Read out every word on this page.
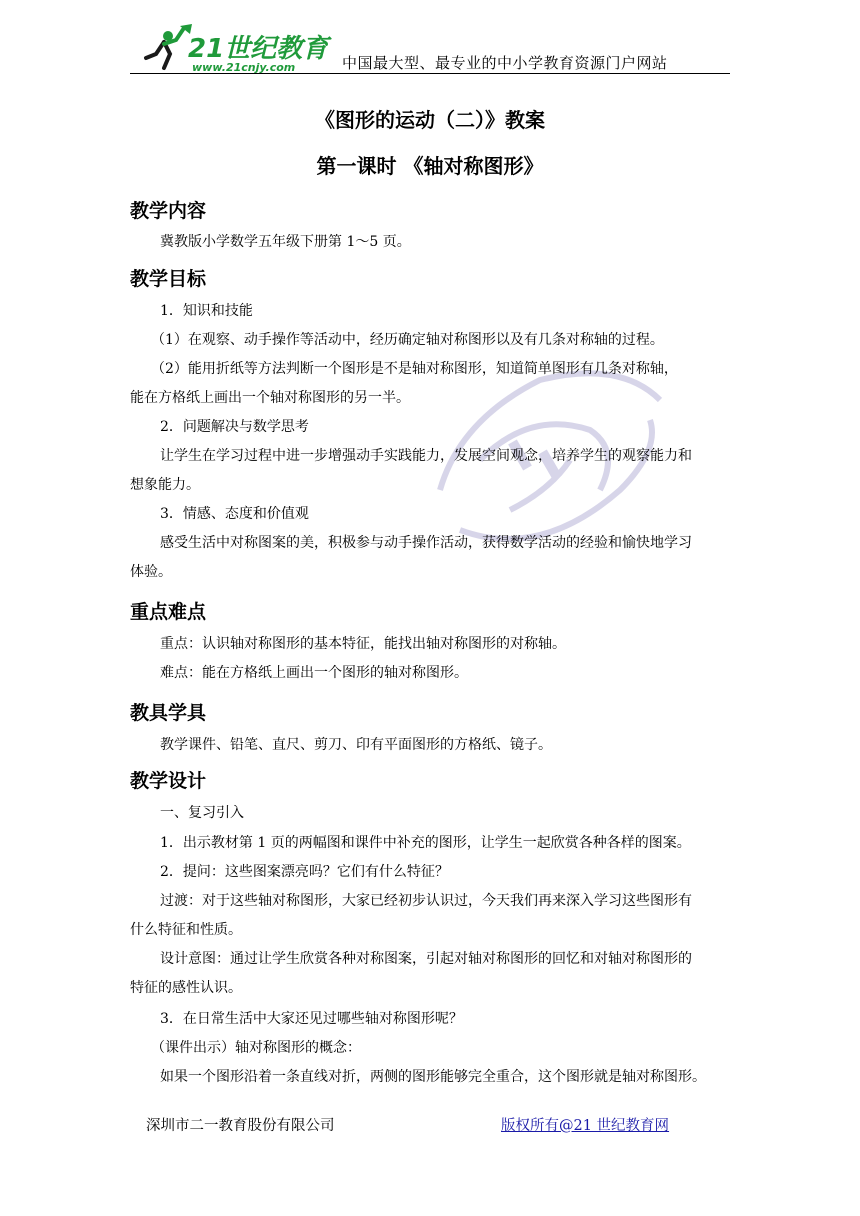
21世纪教育
www.21cnjy.com	中国最大型、最专业的中小学教育资源门户网站
《图形的运动（二）》教案
第一课时 《轴对称图形》
教学内容
冀教版小学数学五年级下册第 1～5 页。
教学目标
1．知识和技能
（1）在观察、动手操作等活动中，经历确定轴对称图形以及有几条对称轴的过程。
（2）能用折纸等方法判断一个图形是不是轴对称图形，知道简单图形有几条对称轴，
能在方格纸上画出一个轴对称图形的另一半。
2．问题解决与数学思考
让学生在学习过程中进一步增强动手实践能力，发展空间观念，培养学生的观察能力和
想象能力。
3．情感、态度和价值观
感受生活中对称图案的美，积极参与动手操作活动，获得数学活动的经验和愉快地学习
体验。
重点难点
重点：认识轴对称图形的基本特征，能找出轴对称图形的对称轴。
难点：能在方格纸上画出一个图形的轴对称图形。
教具学具
教学课件、铅笔、直尺、剪刀、印有平面图形的方格纸、镜子。
教学设计
一、复习引入
1．出示教材第 1 页的两幅图和课件中补充的图形，让学生一起欣赏各种各样的图案。
2．提问：这些图案漂亮吗？它们有什么特征？
过渡：对于这些轴对称图形，大家已经初步认识过，今天我们再来深入学习这些图形有
什么特征和性质。
设计意图：通过让学生欣赏各种对称图案，引起对轴对称图形的回忆和对轴对称图形的
特征的感性认识。
3．在日常生活中大家还见过哪些轴对称图形呢？
（课件出示）轴对称图形的概念：
如果一个图形沿着一条直线对折，两侧的图形能够完全重合，这个图形就是轴对称图形。
深圳市二一教育股份有限公司	版权所有@21 世纪教育网
